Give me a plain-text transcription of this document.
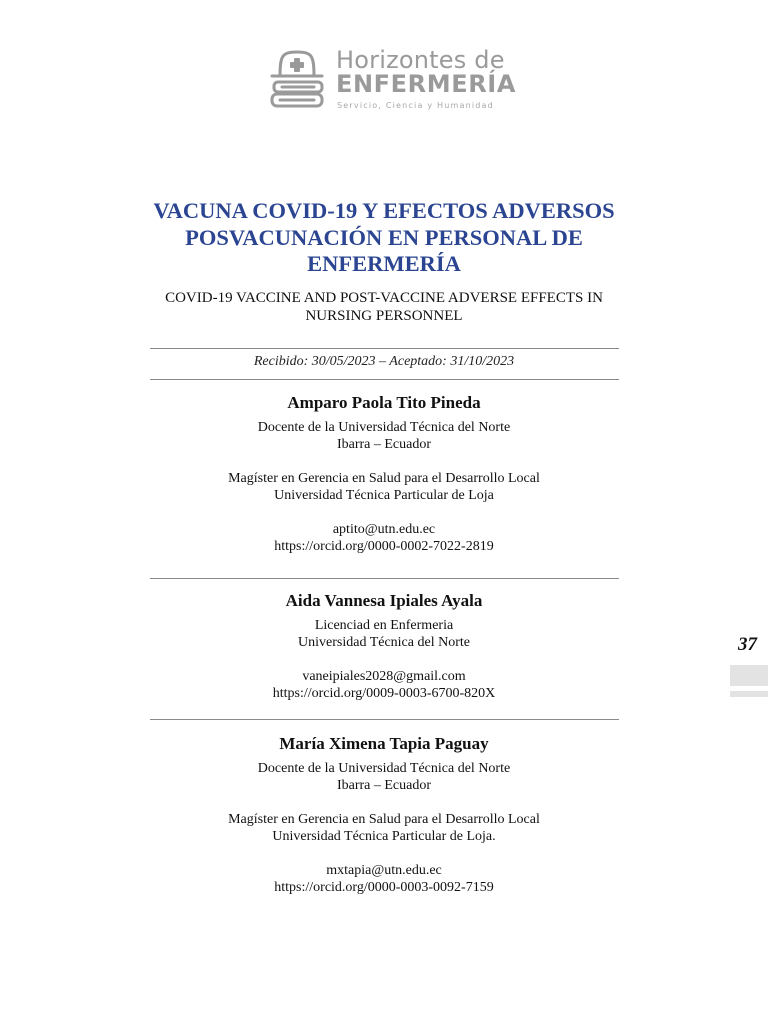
Horizontes de
ENFERMERÍA
Servicio, Ciencia y Humanidad
VACUNA COVID-19 Y EFECTOS ADVERSOS POSVACUNACIÓN EN PERSONAL DE ENFERMERÍA
COVID-19 VACCINE AND POST-VACCINE ADVERSE EFFECTS IN NURSING PERSONNEL
Recibido: 30/05/2023 – Aceptado: 31/10/2023
Amparo Paola Tito Pineda
Docente de la Universidad Técnica del Norte
Ibarra – Ecuador
Magíster en Gerencia en Salud para el Desarrollo Local
Universidad Técnica Particular de Loja
aptito@utn.edu.ec
https://orcid.org/0000-0002-7022-2819
Aida Vannesa Ipiales Ayala
Licenciad en Enfermeria
Universidad Técnica del Norte
vaneipiales2028@gmail.com
https://orcid.org/0009-0003-6700-820X
María Ximena Tapia Paguay
Docente de la Universidad Técnica del Norte
Ibarra – Ecuador
Magíster en Gerencia en Salud para el Desarrollo Local
Universidad Técnica Particular de Loja.
mxtapia@utn.edu.ec
https://orcid.org/0000-0003-0092-7159
37
